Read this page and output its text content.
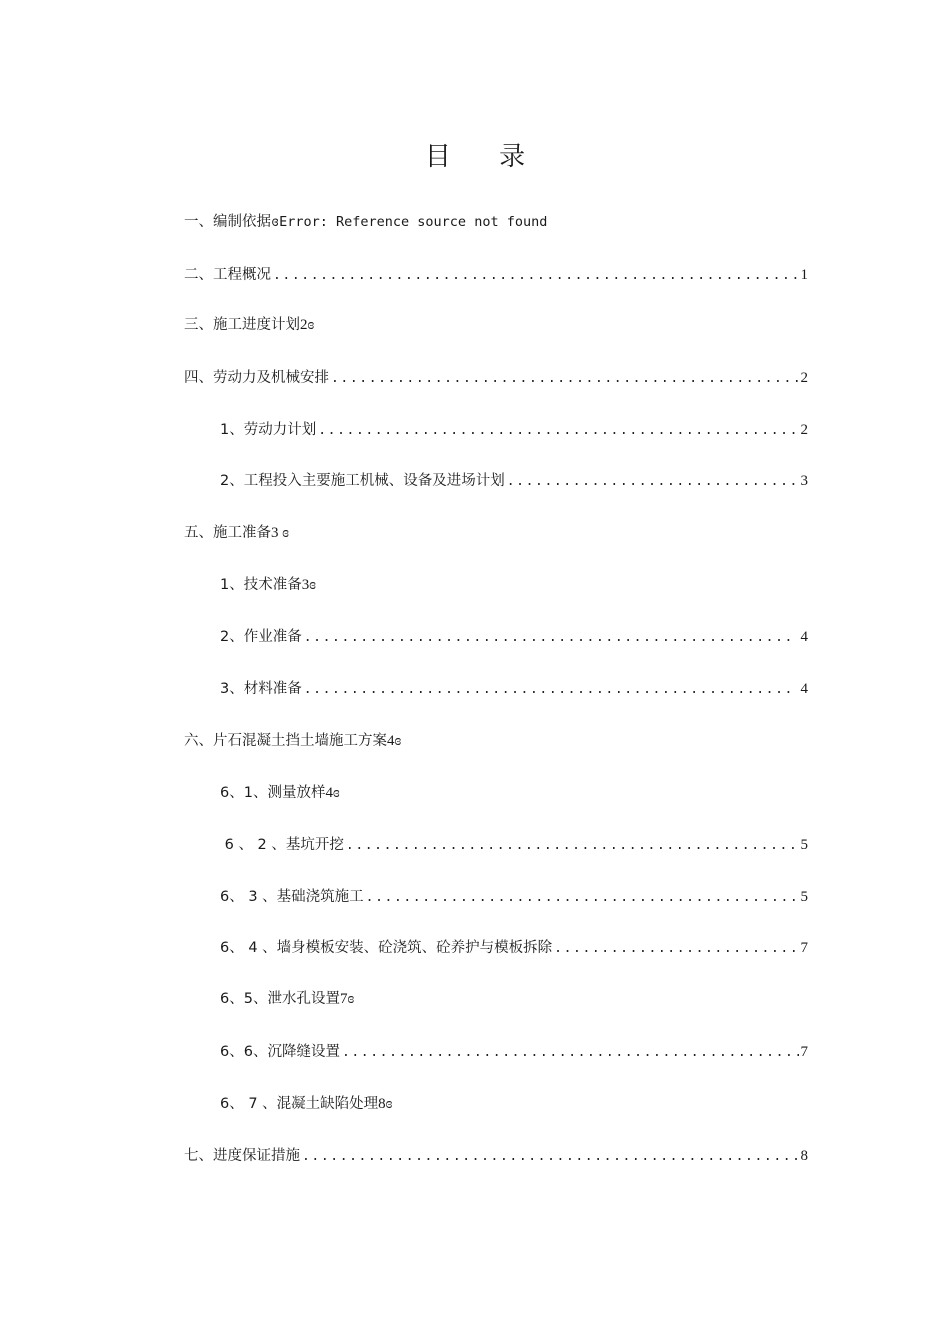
目 录
一、编制依据 ɞError: Reference source not found
二、工程概况 .....	1
三、施工进度计划 2ɞ
四、劳动力及机械安排 .....	2
1、劳动力计划 .....	2
2、工程投入主要施工机械、设备及进场计划 .....	3
五、施工准备 3 ɞ
1、技术准备 3ɞ
2、作业准备 .....	4
3、材料准备 .....	4
六、片石混凝土挡土墙施工方案 4ɞ
6、1、测量放样 4ɞ
6 、 2 、基坑开挖 .....	5
6、 3 、基础浇筑施工 .....	5
6、 4 、墙身模板安装、砼浇筑、砼养护与模板拆除 .....	7
6、5、泄水孔设置 7ɞ
6、6、沉降缝设置 .....	7
6、 7 、混凝土缺陷处理 8ɞ
七、进度保证措施 .....	8
